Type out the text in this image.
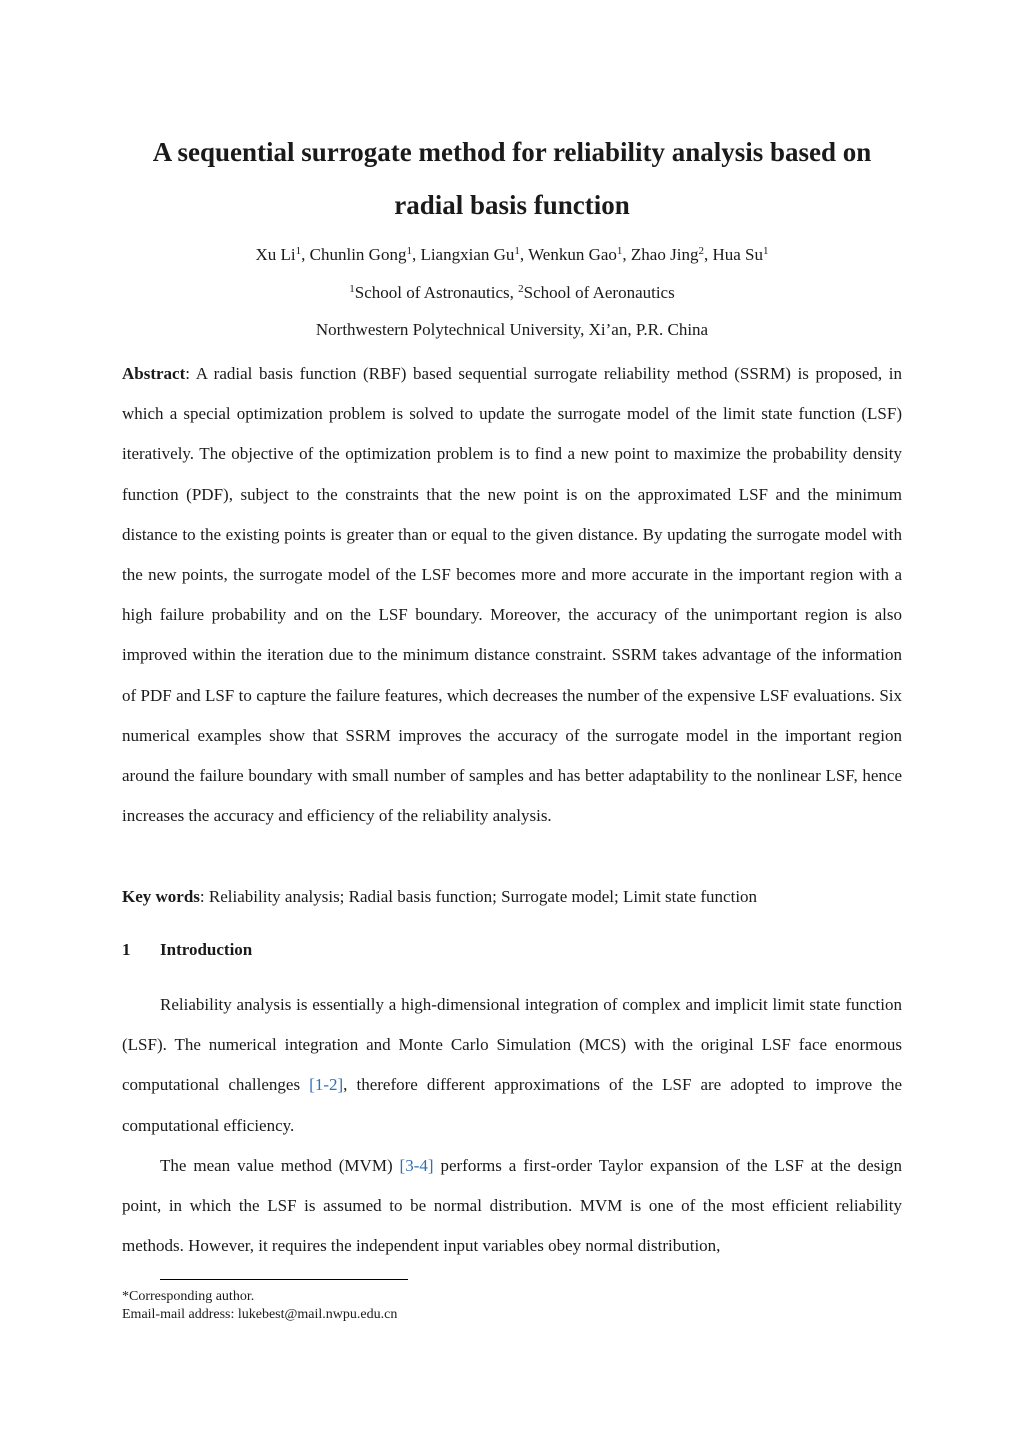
A sequential surrogate method for reliability analysis based on
radial basis function

Xu Li$^1$, Chunlin Gong$^1$, Liangxian Gu$^1$, Wenkun Gao$^1$, Zhao Jing$^2$, Hua Su$^1$

$^1$School of Astronautics, $^2$School of Aeronautics

Northwestern Polytechnical University, Xi’an, P.R. China

Abstract: A radial basis function (RBF) based sequential surrogate reliability method (SSRM) is proposed, in which a special optimization problem is solved to update the surrogate model of the limit state function (LSF) iteratively. The objective of the optimization problem is to find a new point to maximize the probability density function (PDF), subject to the constraints that the new point is on the approximated LSF and the minimum distance to the existing points is greater than or equal to the given distance. By updating the surrogate model with the new points, the surrogate model of the LSF becomes more and more accurate in the important region with a high failure probability and on the LSF boundary. Moreover, the accuracy of the unimportant region is also improved within the iteration due to the minimum distance constraint. SSRM takes advantage of the information of PDF and LSF to capture the failure features, which decreases the number of the expensive LSF evaluations. Six numerical examples show that SSRM improves the accuracy of the surrogate model in the important region around the failure boundary with small number of samples and has better adaptability to the nonlinear LSF, hence increases the accuracy and efficiency of the reliability analysis.

Key words: Reliability analysis; Radial basis function; Surrogate model; Limit state function

1 Introduction

Reliability analysis is essentially a high-dimensional integration of complex and implicit limit state function (LSF). The numerical integration and Monte Carlo Simulation (MCS) with the original LSF face enormous computational challenges [1-2], therefore different approximations of the LSF are adopted to improve the computational efficiency.

The mean value method (MVM) [3-4] performs a first-order Taylor expansion of the LSF at the design point, in which the LSF is assumed to be normal distribution. MVM is one of the most efficient reliability methods. However, it requires the independent input variables obey normal distribution,

*Corresponding author.

Email-mail address: lukebest@mail.nwpu.edu.cn
